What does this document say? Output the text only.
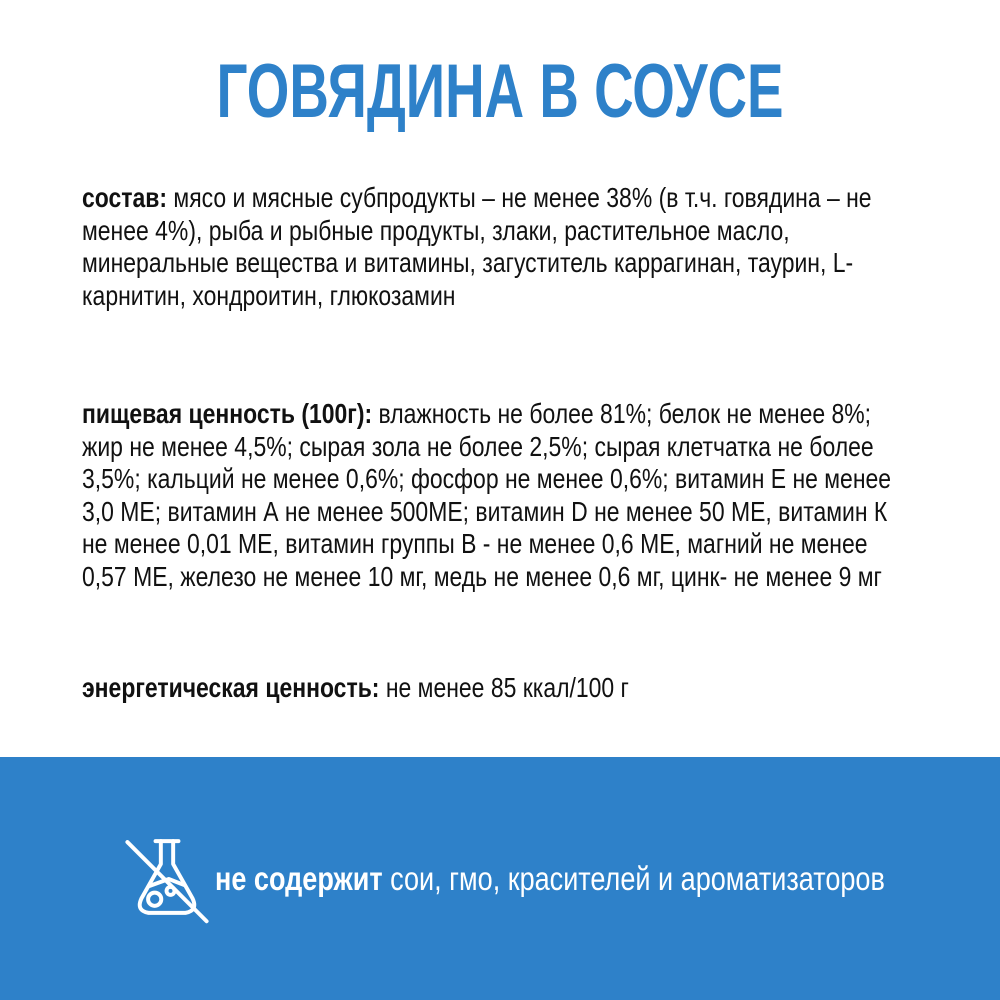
ГОВЯДИНА В СОУСЕ

состав: мясо и мясные субпродукты – не менее 38% (в т.ч. говядина – не менее 4%), рыба и рыбные продукты, злаки, растительное масло, минеральные вещества и витамины, загуститель каррагинан, таурин, L-карнитин, хондроитин, глюкозамин

пищевая ценность (100г): влажность не более 81%; белок не менее 8%; жир не менее 4,5%; сырая зола не более 2,5%; сырая клетчатка не более 3,5%; кальций не менее 0,6%; фосфор не менее 0,6%; витамин Е не менее 3,0 МЕ; витамин А не менее 500МЕ; витамин D не менее 50 МЕ, витамин К не менее 0,01 МЕ, витамин группы В - не менее 0,6 МЕ, магний не менее 0,57 МЕ, железо не менее 10 мг, медь не менее 0,6 мг, цинк- не менее 9 мг

энергетическая ценность: не менее 85 ккал/100 г

не содержит сои, гмо, красителей и ароматизаторов
